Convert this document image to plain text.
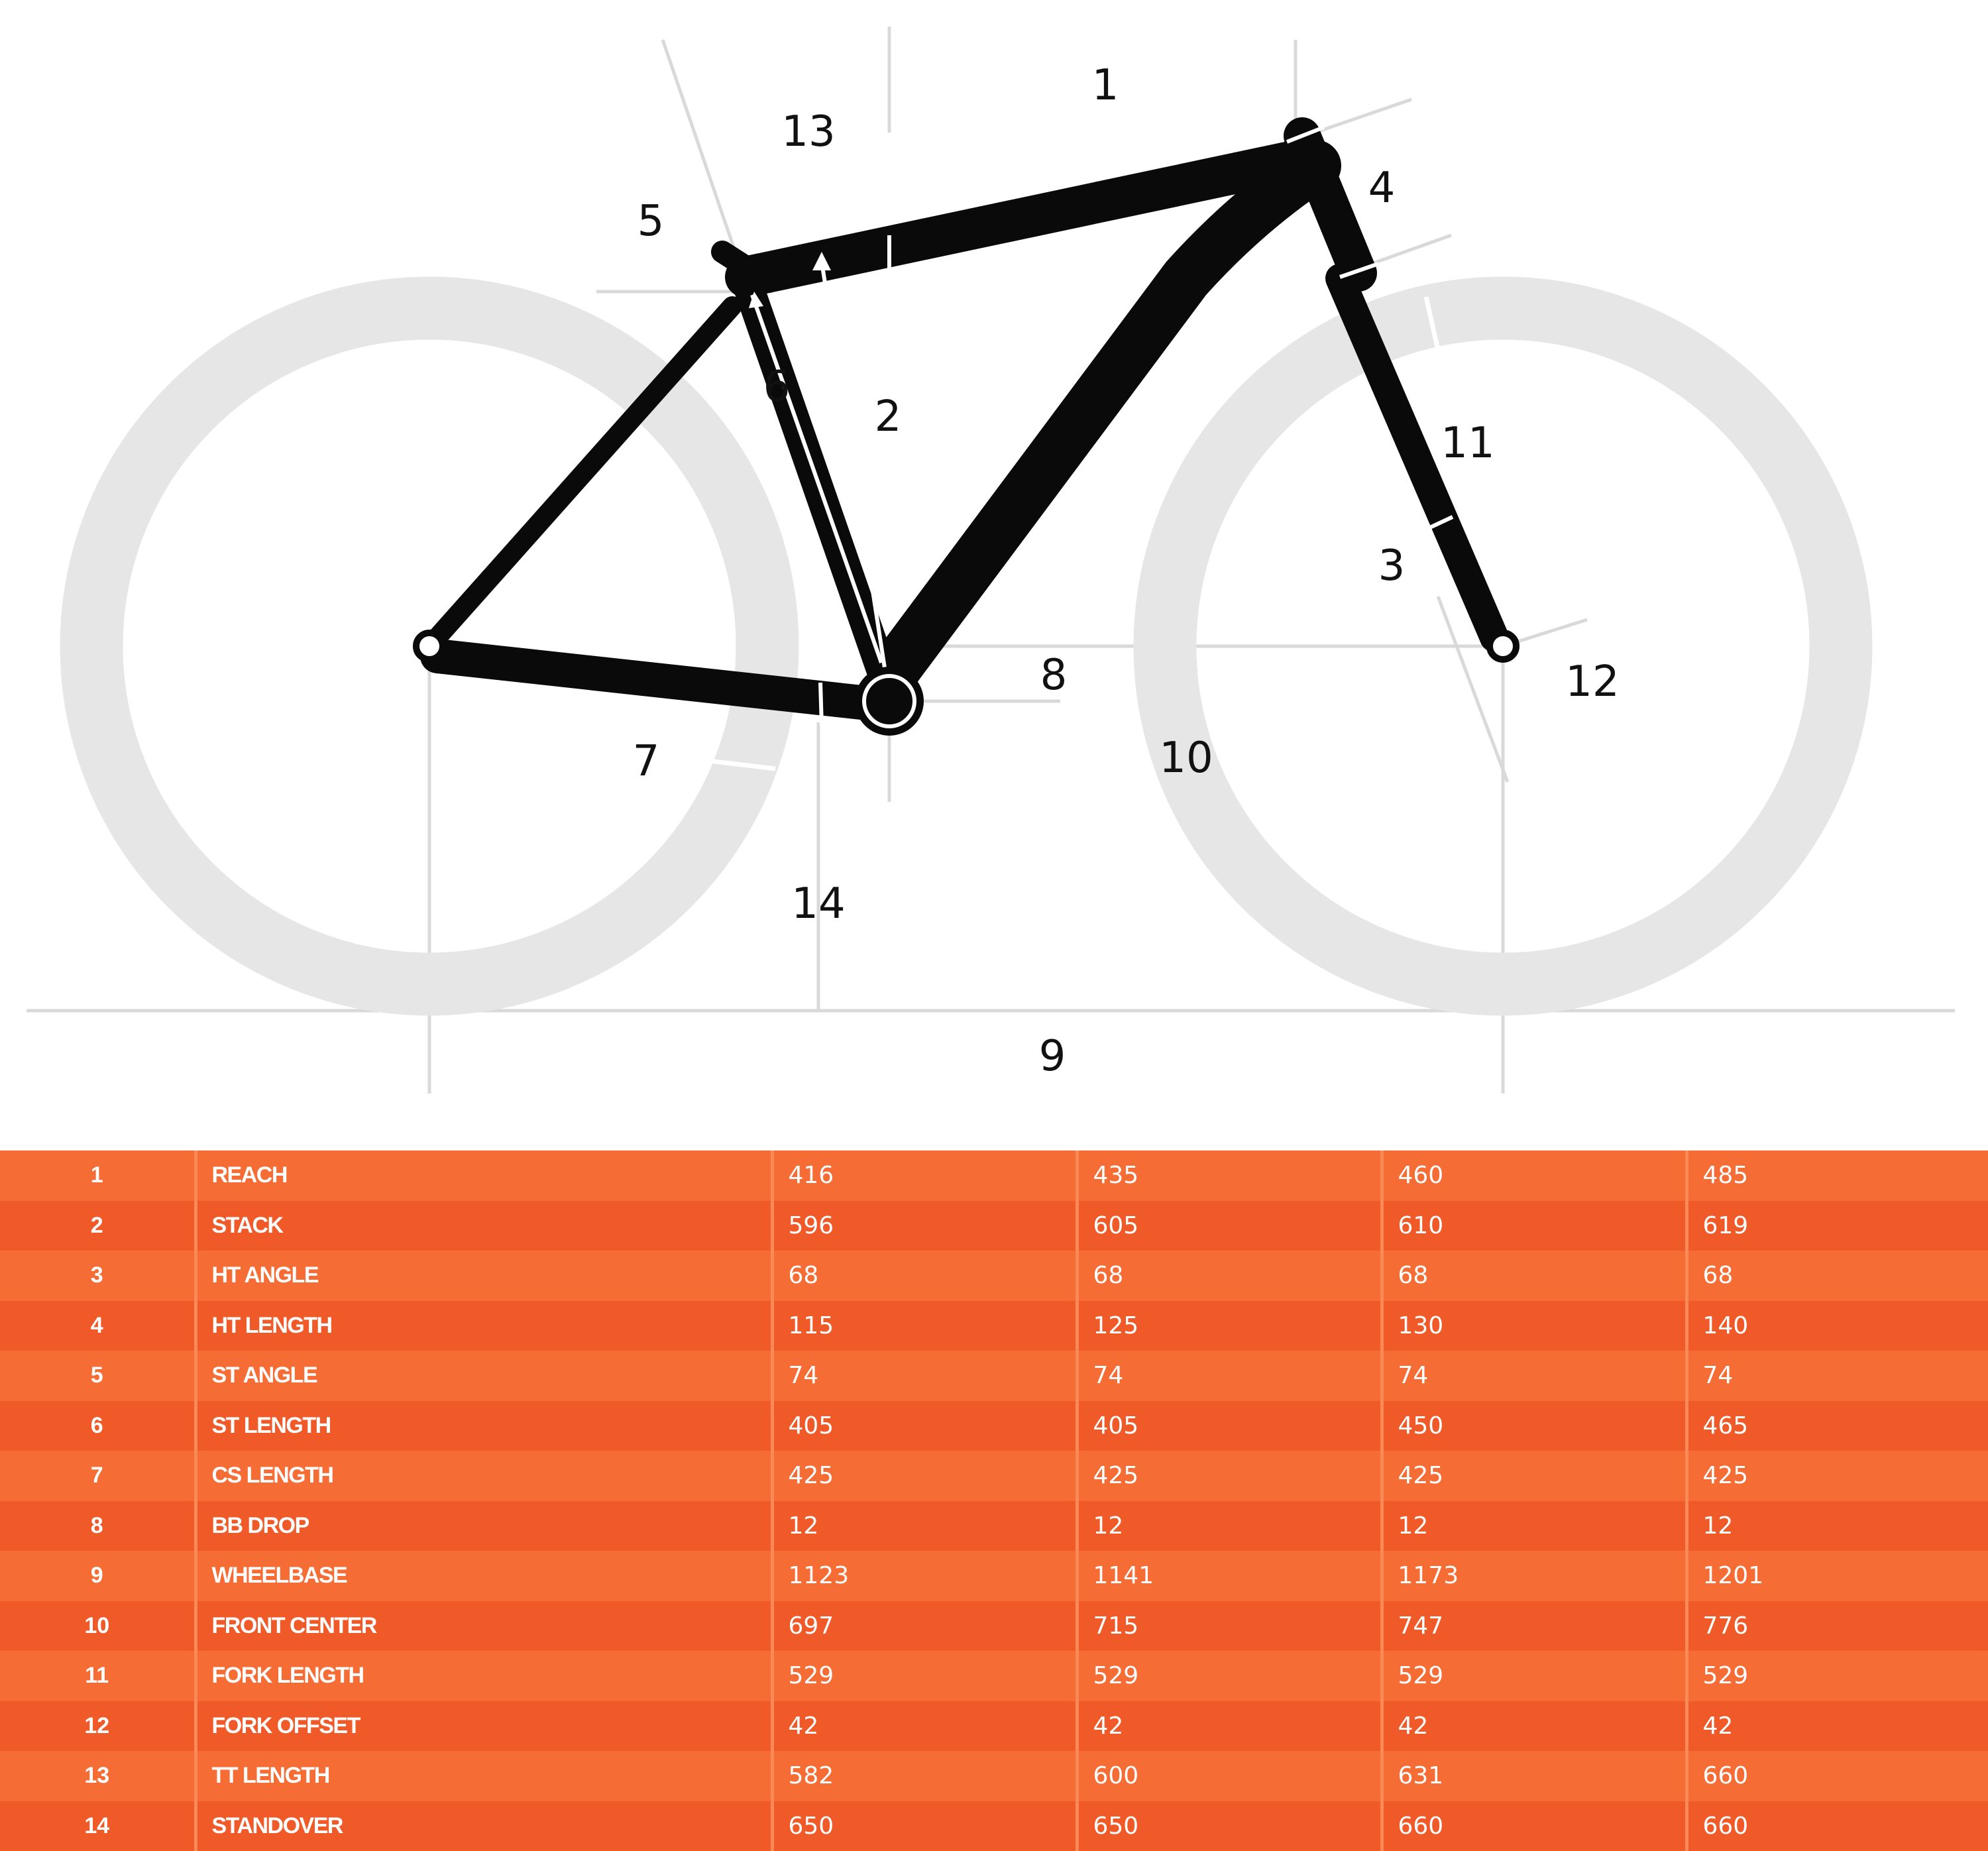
1
2
3
4
5
6
7
8
9
10
11
12
13
14
1	REACH	416	435	460	485
2	STACK	596	605	610	619
3	HT ANGLE	68	68	68	68
4	HT LENGTH	115	125	130	140
5	ST ANGLE	74	74	74	74
6	ST LENGTH	405	405	450	465
7	CS LENGTH	425	425	425	425
8	BB DROP	12	12	12	12
9	WHEELBASE	1123	1141	1173	1201
10	FRONT CENTER	697	715	747	776
11	FORK LENGTH	529	529	529	529
12	FORK OFFSET	42	42	42	42
13	TT LENGTH	582	600	631	660
14	STANDOVER	650	650	660	660
